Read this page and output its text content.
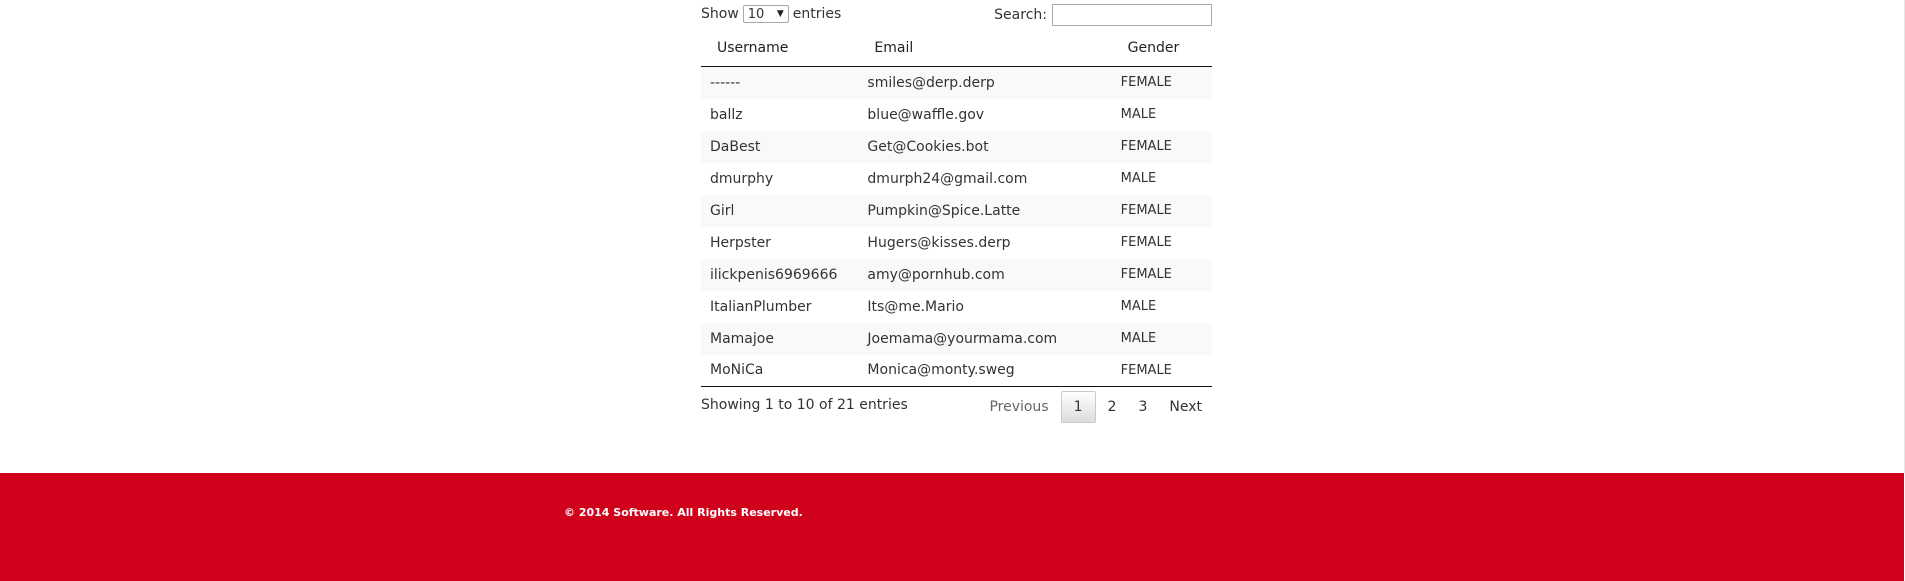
Show 10 ▼ entries	Search:
Username	Email	Gender
------	smiles@derp.derp	FEMALE
ballz	blue@waffle.gov	MALE
DaBest	Get@Cookies.bot	FEMALE
dmurphy	dmurph24@gmail.com	MALE
Girl	Pumpkin@Spice.Latte	FEMALE
Herpster	Hugers@kisses.derp	FEMALE
ilickpenis6969666	amy@pornhub.com	FEMALE
ItalianPlumber	Its@me.Mario	MALE
Mamajoe	Joemama@yourmama.com	MALE
MoNiCa	Monica@monty.sweg	FEMALE
Showing 1 to 10 of 21 entries	Previous	1	2	3	Next
© 2014 Software. All Rights Reserved.
